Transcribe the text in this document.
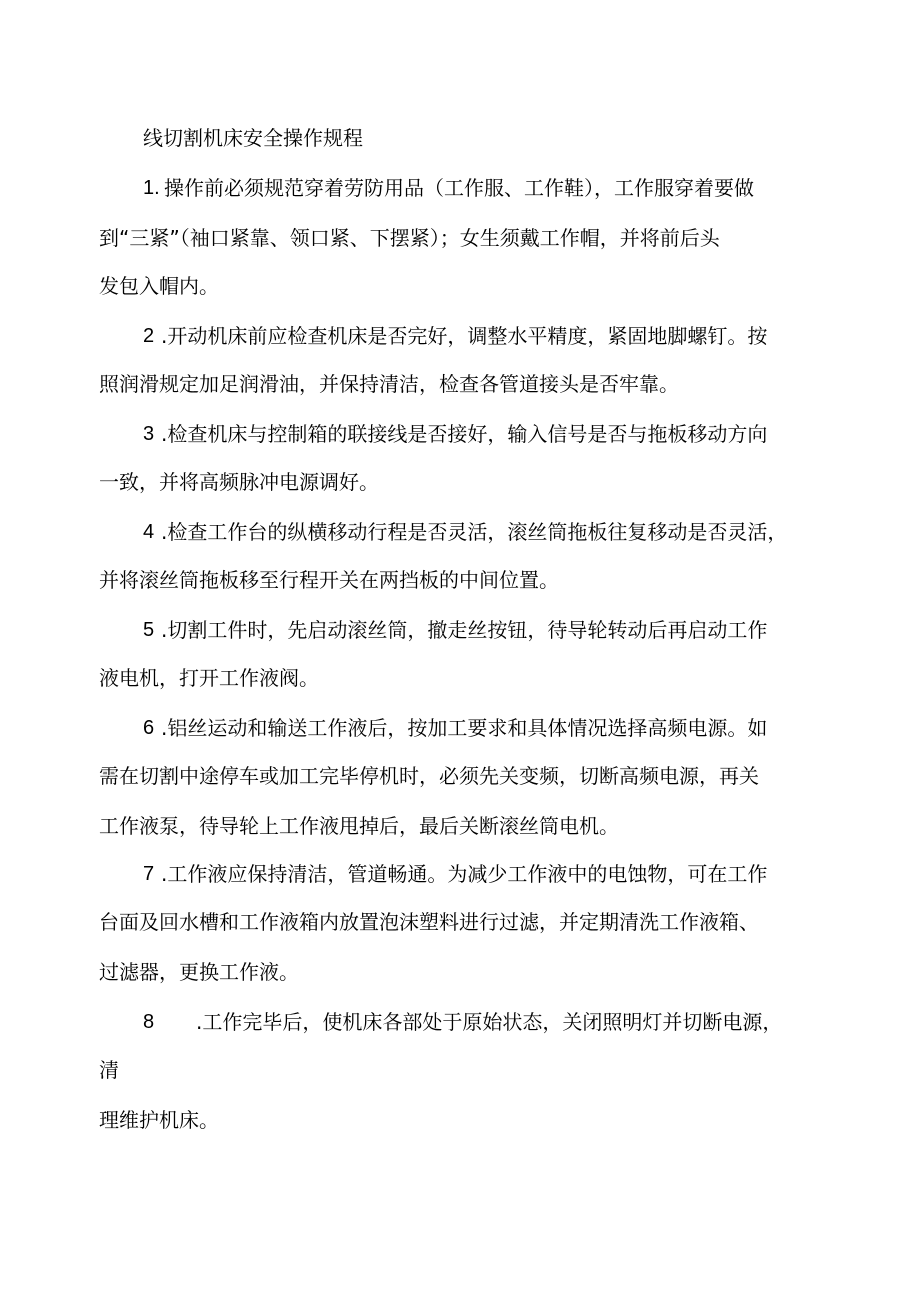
线切割机床安全操作规程

1. 操作前必须规范穿着劳防用品（工作服、工作鞋），工作服穿着要做

到“三紧”（袖口紧靠、领口紧、下摆紧）；女生须戴工作帽，并将前后头

发包入帽内。

2 .开动机床前应检查机床是否完好，调整水平精度，紧固地脚螺钉。按

照润滑规定加足润滑油，并保持清洁，检查各管道接头是否牢靠。

3 .检查机床与控制箱的联接线是否接好，输入信号是否与拖板移动方向

一致，并将高频脉冲电源调好。

4 .检查工作台的纵横移动行程是否灵活，滚丝筒拖板往复移动是否灵活，

并将滚丝筒拖板移至行程开关在两挡板的中间位置。

5 .切割工件时，先启动滚丝筒，撤走丝按钮，待导轮转动后再启动工作

液电机，打开工作液阀。

6 .铝丝运动和输送工作液后，按加工要求和具体情况选择高频电源。如

需在切割中途停车或加工完毕停机时，必须先关变频，切断高频电源，再关

工作液泵，待导轮上工作液甩掉后，最后关断滚丝筒电机。

7 .工作液应保持清洁，管道畅通。为减少工作液中的电蚀物，可在工作

台面及回水槽和工作液箱内放置泡沫塑料进行过滤，并定期清洗工作液箱、

过滤器，更换工作液。

8 .工作完毕后，使机床各部处于原始状态，关闭照明灯并切断电源，

清

理维护机床。
